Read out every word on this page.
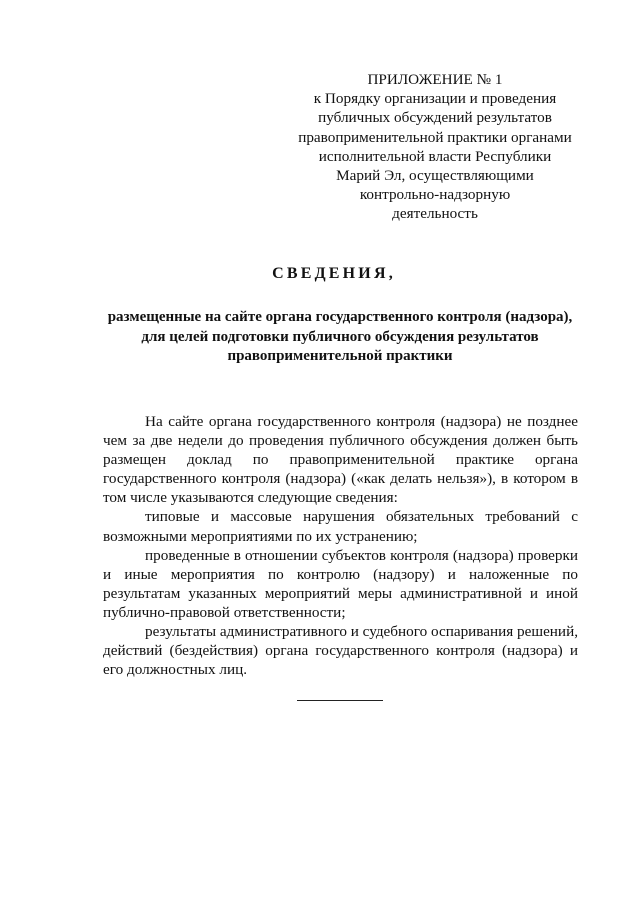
ПРИЛОЖЕНИЕ № 1
к Порядку организации и проведения
публичных обсуждений результатов
правоприменительной практики органами
исполнительной власти Республики
Марий Эл, осуществляющими
контрольно-надзорную
деятельность
СВЕДЕНИЯ,
размещенные на сайте органа государственного контроля (надзора),
для целей подготовки публичного обсуждения результатов
правоприменительной практики

На сайте органа государственного контроля (надзора) не позднее чем за две недели до проведения публичного обсуждения должен быть размещен доклад по правоприменительной практике органа государственного контроля (надзора) («как делать нельзя»), в котором в том числе указываются следующие сведения:

типовые и массовые нарушения обязательных требований с возможными мероприятиями по их устранению;

проведенные в отношении субъектов контроля (надзора) проверки и иные мероприятия по контролю (надзору) и наложенные по результатам указанных мероприятий меры административной и иной публично-правовой ответственности;

результаты административного и судебного оспаривания решений, действий (бездействия) органа государственного контроля (надзора) и его должностных лиц.
